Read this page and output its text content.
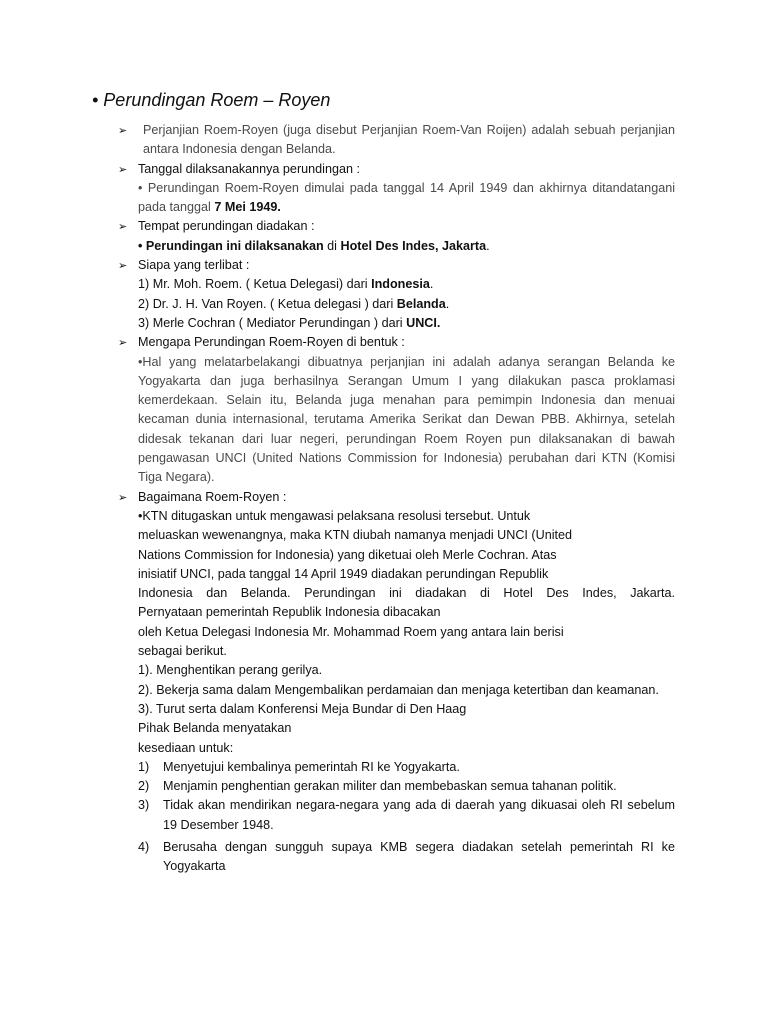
• Perundingan Roem – Royen
➢	Perjanjian Roem-Royen (juga disebut Perjanjian Roem-Van Roijen) adalah sebuah perjanjian antara Indonesia dengan Belanda.

➢ Tanggal dilaksanakannya perundingan :

• Perundingan Roem-Royen dimulai pada tanggal 14 April 1949 dan akhirnya ditandatangani pada tanggal 7 Mei 1949.

➢ Tempat perundingan diadakan :

• Perundingan ini dilaksanakan di Hotel Des Indes, Jakarta.

➢ Siapa yang terlibat :

1) Mr. Moh. Roem. ( Ketua Delegasi) dari Indonesia.

2) Dr. J. H. Van Royen. ( Ketua delegasi ) dari Belanda.

3) Merle Cochran ( Mediator Perundingan ) dari UNCI.

➢ Mengapa Perundingan Roem-Royen di bentuk :

•Hal yang melatarbelakangi dibuatnya perjanjian ini adalah adanya serangan Belanda ke Yogyakarta dan juga berhasilnya Serangan Umum I yang dilakukan pasca proklamasi kemerdekaan. Selain itu, Belanda juga menahan para pemimpin Indonesia dan menuai kecaman dunia internasional, terutama Amerika Serikat dan Dewan PBB. Akhirnya, setelah didesak tekanan dari luar negeri, perundingan Roem Royen pun dilaksanakan di bawah pengawasan UNCI (United Nations Commission for Indonesia) perubahan dari KTN (Komisi Tiga Negara).

➢ Bagaimana Roem-Royen :

•KTN ditugaskan untuk mengawasi pelaksana resolusi tersebut. Untuk

meluaskan wewenangnya, maka KTN diubah namanya menjadi UNCI (United

Nations Commission for Indonesia) yang diketuai oleh Merle Cochran. Atas

inisiatif UNCI, pada tanggal 14 April 1949 diadakan perundingan Republik

Indonesia dan Belanda. Perundingan ini diadakan di Hotel Des Indes, Jakarta.

Pernyataan pemerintah Republik Indonesia dibacakan

oleh Ketua Delegasi Indonesia Mr. Mohammad Roem yang antara lain berisi

sebagai berikut.

1). Menghentikan perang gerilya.

2). Bekerja sama dalam Mengembalikan perdamaian dan menjaga ketertiban dan keamanan.

3). Turut serta dalam Konferensi Meja Bundar di Den Haag

Pihak Belanda menyatakan

kesediaan untuk:

1) Menyetujui kembalinya pemerintah RI ke Yogyakarta.

2) Menjamin penghentian gerakan militer dan membebaskan semua tahanan politik.

3) Tidak akan mendirikan negara-negara yang ada di daerah yang dikuasai oleh RI sebelum 19 Desember 1948.

4) Berusaha dengan sungguh supaya KMB segera diadakan setelah pemerintah RI ke Yogyakarta
